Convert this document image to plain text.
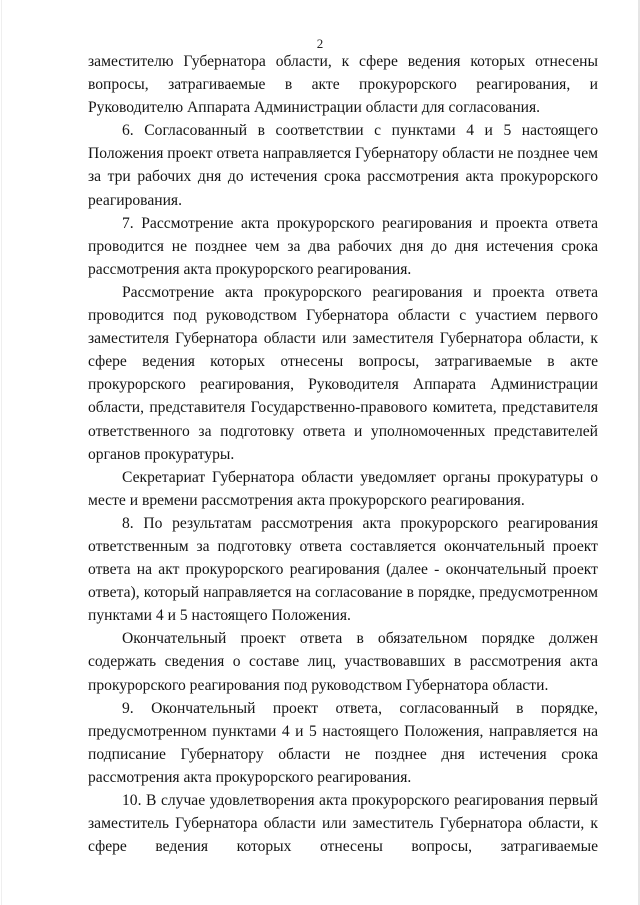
2

заместителю Губернатора области, к сфере ведения которых отнесены вопросы, затрагиваемые в акте прокурорского реагирования, и Руководителю Аппарата Администрации области для согласования.

6. Согласованный в соответствии с пунктами 4 и 5 настоящего Положения проект ответа направляется Губернатору области не позднее чем за три рабочих дня до истечения срока рассмотрения акта прокурорского реагирования.

7. Рассмотрение акта прокурорского реагирования и проекта ответа проводится не позднее чем за два рабочих дня до дня истечения срока рассмотрения акта прокурорского реагирования.

Рассмотрение акта прокурорского реагирования и проекта ответа проводится под руководством Губернатора области с участием первого заместителя Губернатора области или заместителя Губернатора области, к сфере ведения которых отнесены вопросы, затрагиваемые в акте прокурорского реагирования, Руководителя Аппарата Администрации области, представителя Государственно-правового комитета, представителя ответственного за подготовку ответа и уполномоченных представителей органов прокуратуры.

Секретариат Губернатора области уведомляет органы прокуратуры о месте и времени рассмотрения акта прокурорского реагирования.

8. По результатам рассмотрения акта прокурорского реагирования ответственным за подготовку ответа составляется окончательный проект ответа на акт прокурорского реагирования (далее - окончательный проект ответа), который направляется на согласование в порядке, предусмотренном пунктами 4 и 5 настоящего Положения.

Окончательный проект ответа в обязательном порядке должен содержать сведения о составе лиц, участвовавших в рассмотрения акта прокурорского реагирования под руководством Губернатора области.

9. Окончательный проект ответа, согласованный в порядке, предусмотренном пунктами 4 и 5 настоящего Положения, направляется на подписание Губернатору области не позднее дня истечения срока рассмотрения акта прокурорского реагирования.

10. В случае удовлетворения акта прокурорского реагирования первый заместитель Губернатора области или заместитель Губернатора области, к сфере ведения которых отнесены вопросы, затрагиваемые
